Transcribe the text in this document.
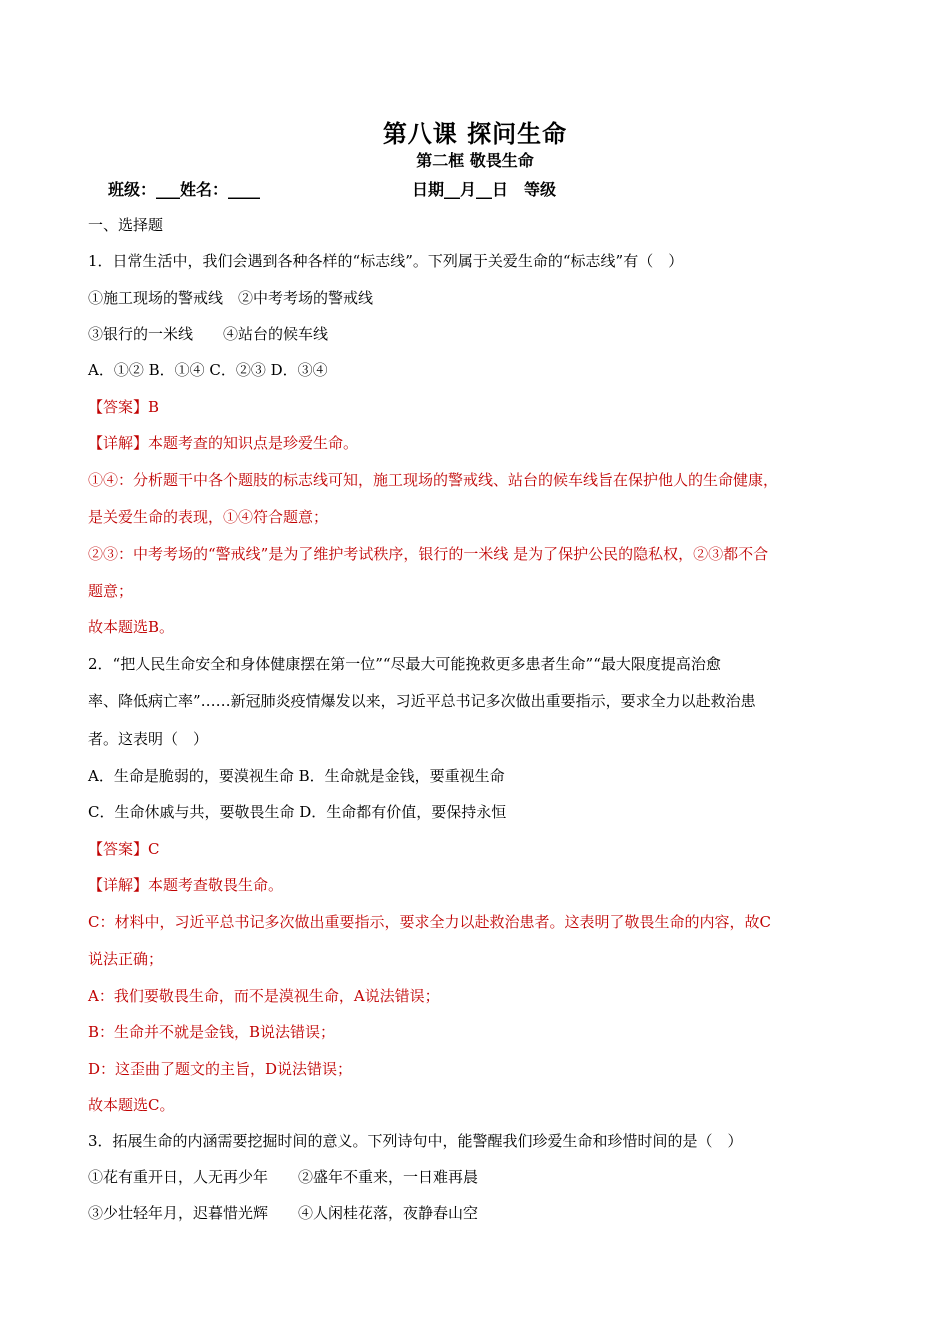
第八课 探问生命
第二框 敬畏生命
班级：___姓名：____	日期__月__日　等级
一、选择题
1．日常生活中，我们会遇到各种各样的“标志线”。下列属于关爱生命的“标志线”有（　）
①施工现场的警戒线　②中考考场的警戒线
③银行的一米线　　④站台的候车线
A．①② B．①④ C．②③ D．③④
【答案】B
【详解】本题考查的知识点是珍爱生命。
①④：分析题干中各个题肢的标志线可知，施工现场的警戒线、站台的候车线旨在保护他人的生命健康，
是关爱生命的表现，①④符合题意；
②③：中考考场的“警戒线”是为了维护考试秩序，银行的一米线 是为了保护公民的隐私权，②③都不合
题意；
故本题选B。
2．“把人民生命安全和身体健康摆在第一位”“尽最大可能挽救更多患者生命”“最大限度提高治愈
率、降低病亡率”……新冠肺炎疫情爆发以来，习近平总书记多次做出重要指示，要求全力以赴救治患
者。这表明（　）
A．生命是脆弱的，要漠视生命 B．生命就是金钱，要重视生命
C．生命休戚与共，要敬畏生命 D．生命都有价值，要保持永恒
【答案】C
【详解】本题考查敬畏生命。
C：材料中，习近平总书记多次做出重要指示，要求全力以赴救治患者。这表明了敬畏生命的内容，故C
说法正确；
A：我们要敬畏生命，而不是漠视生命，A说法错误；
B：生命并不就是金钱，B说法错误；
D：这歪曲了题文的主旨，D说法错误；
故本题选C。
3．拓展生命的内涵需要挖掘时间的意义。下列诗句中，能警醒我们珍爱生命和珍惜时间的是（　）
①花有重开日，人无再少年　　②盛年不重来，一日难再晨
③少壮轻年月，迟暮惜光辉　　④人闲桂花落，夜静春山空
